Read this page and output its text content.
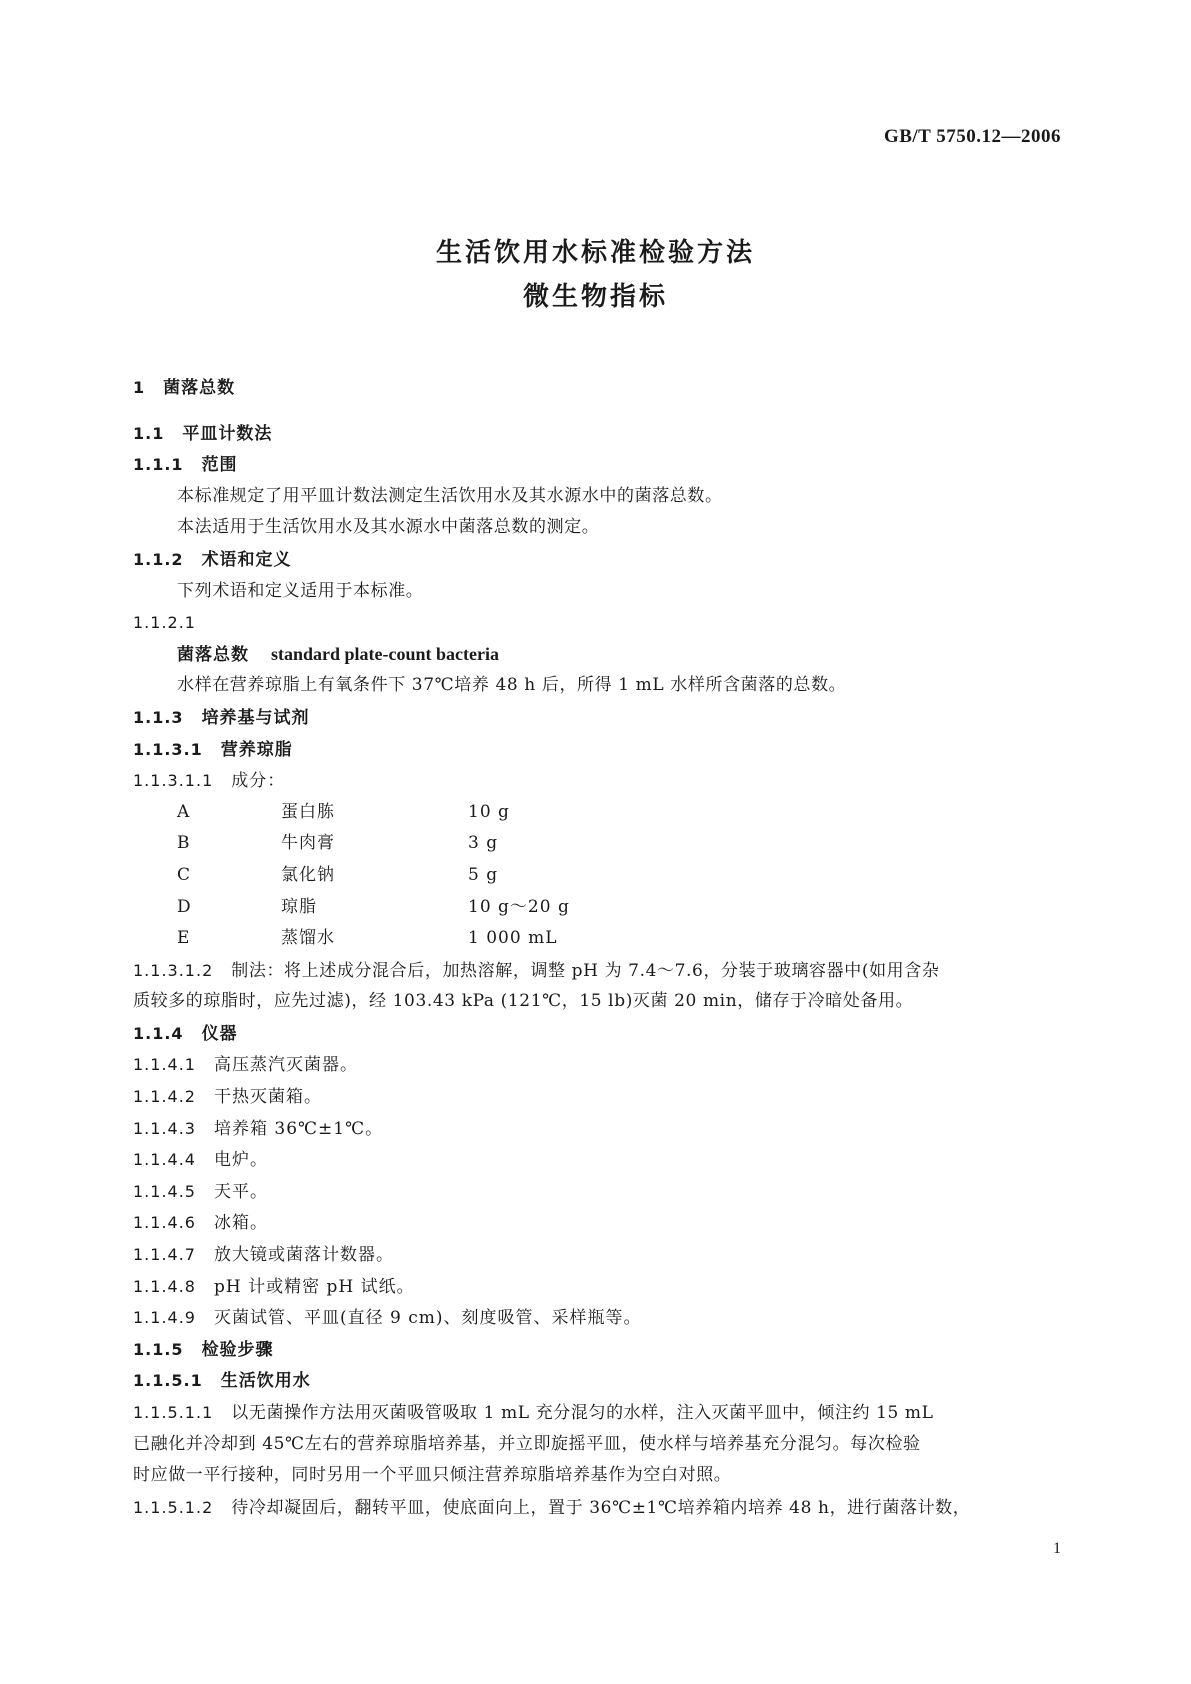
GB/T 5750.12—2006
生活饮用水标准检验方法
微生物指标
1 菌落总数
1.1 平皿计数法
1.1.1 范围
本标准规定了用平皿计数法测定生活饮用水及其水源水中的菌落总数。
本法适用于生活饮用水及其水源水中菌落总数的测定。
1.1.2 术语和定义
下列术语和定义适用于本标准。
1.1.2.1
菌落总数 standard plate-count bacteria
水样在营养琼脂上有氧条件下 37℃培养 48 h 后，所得 1 mL 水样所含菌落的总数。
1.1.3 培养基与试剂
1.1.3.1 营养琼脂
1.1.3.1.1 成分：
A	蛋白胨	10 g
B	牛肉膏	3 g
C	氯化钠	5 g
D	琼脂	10 g～20 g
E	蒸馏水	1 000 mL
1.1.3.1.2 制法：将上述成分混合后，加热溶解，调整 pH 为 7.4～7.6，分装于玻璃容器中(如用含杂
质较多的琼脂时，应先过滤)，经 103.43 kPa (121℃，15 lb)灭菌 20 min，储存于冷暗处备用。
1.1.4 仪器
1.1.4.1 高压蒸汽灭菌器。
1.1.4.2 干热灭菌箱。
1.1.4.3 培养箱 36℃±1℃。
1.1.4.4 电炉。
1.1.4.5 天平。
1.1.4.6 冰箱。
1.1.4.7 放大镜或菌落计数器。
1.1.4.8 pH 计或精密 pH 试纸。
1.1.4.9 灭菌试管、平皿(直径 9 cm)、刻度吸管、采样瓶等。
1.1.5 检验步骤
1.1.5.1 生活饮用水
1.1.5.1.1 以无菌操作方法用灭菌吸管吸取 1 mL 充分混匀的水样，注入灭菌平皿中，倾注约 15 mL
已融化并冷却到 45℃左右的营养琼脂培养基，并立即旋摇平皿，使水样与培养基充分混匀。每次检验
时应做一平行接种，同时另用一个平皿只倾注营养琼脂培养基作为空白对照。
1.1.5.1.2 待冷却凝固后，翻转平皿，使底面向上，置于 36℃±1℃培养箱内培养 48 h，进行菌落计数，
1
